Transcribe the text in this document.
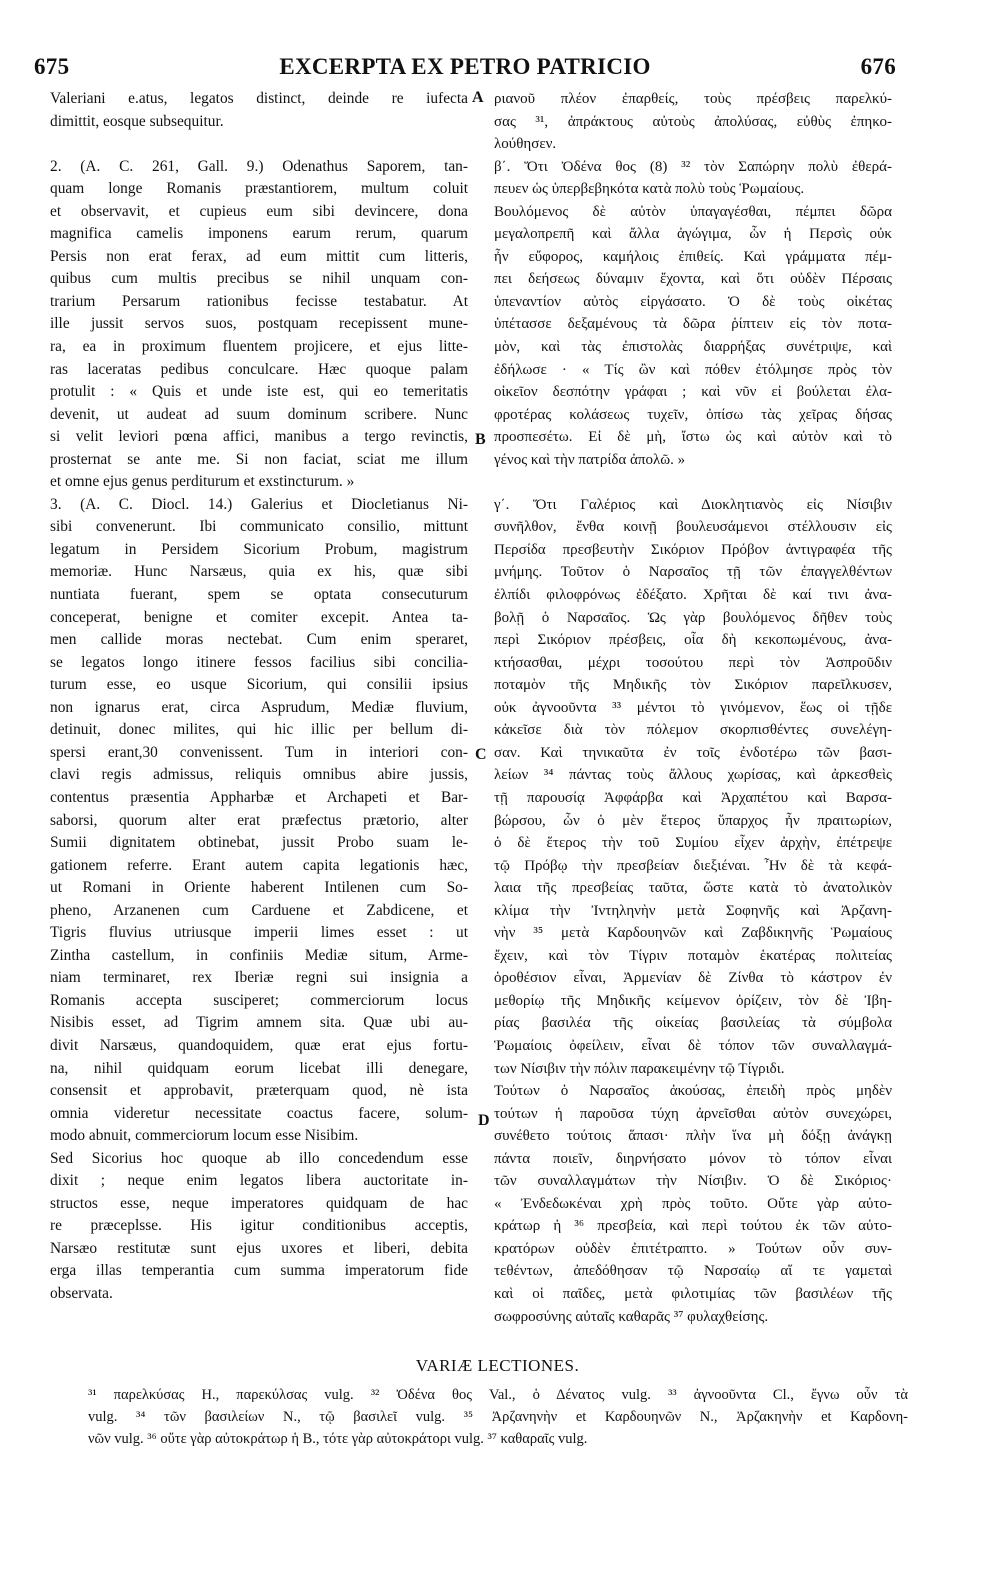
675	EXCERPTA EX PETRO PATRICIO	676
Valeriani e.atus, legatos distinct, deinde re iufecta
dimittit, eosque subsequitur.
2. (A. C. 261, Gall. 9.) Odenathus Saporem, tan-
quam longe Romanis præstantiorem, multum coluit
et observavit, et cupieus eum sibi devincere, dona
magnifica camelis imponens earum rerum, quarum
Persis non erat ferax, ad eum mittit cum litteris,
quibus cum multis precibus se nihil unquam con-
trarium Persarum rationibus fecisse testabatur. At
ille jussit servos suos, postquam recepissent mune-
ra, ea in proximum fluentem projicere, et ejus litte-
ras laceratas pedibus conculcare. Hæc quoque palam
protulit : « Quis et unde iste est, qui eo temeritatis
devenit, ut audeat ad suum dominum scribere. Nunc
si velit leviori pœna affici, manibus a tergo revinctis,
prosternat se ante me. Si non faciat, sciat me illum
et omne ejus genus perditurum et exstincturum. »
3. (A. C. Diocl. 14.) Galerius et Diocletianus Ni-
sibi convenerunt. Ibi communicato consilio, mittunt
legatum in Persidem Sicorium Probum, magistrum
memoriæ. Hunc Narsæus, quia ex his, quæ sibi
nuntiata fuerant, spem se optata consecuturum
conceperat, benigne et comiter excepit. Antea ta-
men callide moras nectebat. Cum enim speraret,
se legatos longo itinere fessos facilius sibi concilia-
turum esse, eo usque Sicorium, qui consilii ipsius
non ignarus erat, circa Asprudum, Mediæ fluvium,
detinuit, donec milites, qui hic illic per bellum di-
spersi erant,30 convenissent. Tum in interiori con-
clavi regis admissus, reliquis omnibus abire jussis,
contentus præsentia Appharbæ et Archapeti et Bar-
saborsi, quorum alter erat præfectus prætorio, alter
Sumii dignitatem obtinebat, jussit Probo suam le-
gationem referre. Erant autem capita legationis hæc,
ut Romani in Oriente haberent Intilenen cum So-
pheno, Arzanenen cum Carduene et Zabdicene, et
Tigris fluvius utriusque imperii limes esset : ut
Zintha castellum, in confiniis Mediæ situm, Arme-
niam terminaret, rex Iberiæ regni sui insignia a
Romanis accepta susciperet; commerciorum locus
Nisibis esset, ad Tigrim amnem sita. Quæ ubi au-
divit Narsæus, quandoquidem, quæ erat ejus fortu-
na, nihil quidquam eorum licebat illi denegare,
consensit et approbavit, præterquam quod, nè ista
omnia videretur necessitate coactus facere, solum-
modo abnuit, commerciorum locum esse Nisibim.
Sed Sicorius hoc quoque ab illo concedendum esse
dixit ; neque enim legatos libera auctoritate in-
structos esse, neque imperatores quidquam de hac
re præceplsse. His igitur conditionibus acceptis,
Narsæo restitutæ sunt ejus uxores et liberi, debita
erga illas temperantia cum summa imperatorum fide
observata.
ριανοῦ πλέον ἐπαρθείς, τοὺς πρέσβεις παρελκύ-
σας ³¹, ἀπράκτους αὐτοὺς ἀπολύσας, εὐθὺς ἐπηκο-
λούθησεν.
β΄. Ὅτι Ὀδένα θος (8) ³² τὸν Σαπώρην πολὺ ἐθερά-
πευεν ὡς ὑπερβεβηκότα κατὰ πολὺ τοὺς Ῥωμαίους.
Βουλόμενος δὲ αὐτὸν ὑπαγαγέσθαι, πέμπει δῶρα
μεγαλοπρεπῆ καὶ ἄλλα ἀγώγιμα, ὧν ἡ Περσὶς οὐκ
ἦν εὔφορος, καμήλοις ἐπιθείς. Καὶ γράμματα πέμ-
πει δεήσεως δύναμιν ἔχοντα, καὶ ὅτι οὐδὲν Πέρσαις
ὑπεναντίον αὐτὸς εἰργάσατο. Ὁ δὲ τοὺς οἰκέτας
ὑπέτασσε δεξαμένους τὰ δῶρα ῥίπτειν εἰς τὸν ποτα-
μὸν, καὶ τὰς ἐπιστολὰς διαρρήξας συνέτριψε, καὶ
ἐδήλωσε · « Τίς ὢν καὶ πόθεν ἐτόλμησε πρὸς τὸν
οἰκεῖον δεσπότην γράφαι ; καὶ νῦν εἰ βούλεται ἐλα-
φροτέρας κολάσεως τυχεῖν, ὀπίσω τὰς χεῖρας δήσας
προσπεσέτω. Εἰ δὲ μὴ, ἴστω ὡς καὶ αὐτὸν καὶ τὸ
γένος καὶ τὴν πατρίδα ἀπολῶ. »
γ΄. Ὅτι Γαλέριος καὶ Διοκλητιανὸς εἰς Νίσιβιν
συνῆλθον, ἔνθα κοινῇ βουλευσάμενοι στέλλουσιν εἰς
Περσίδα πρεσβευτὴν Σικόριον Πρόβον ἀντιγραφέα τῆς
μνήμης. Τοῦτον ὁ Ναρσαῖος τῇ τῶν ἐπαγγελθέντων
ἐλπίδι φιλοφρόνως ἐδέξατο. Χρῆται δὲ καί τινι ἀνα-
βολῇ ὁ Ναρσαῖος. Ὡς γὰρ βουλόμενος δῆθεν τοὺς
περὶ Σικόριον πρέσβεις, οἷα δὴ κεκοπωμένους, ἀνα-
κτήσασθαι, μέχρι τοσούτου περὶ τὸν Ἀσπροῦδιν
ποταμὸν τῆς Μηδικῆς τὸν Σικόριον παρεῖλκυσεν,
οὐκ ἀγνοοῦντα ³³ μέντοι τὸ γινόμενον, ἕως οἱ τῇδε
κἀκεῖσε διὰ τὸν πόλεμον σκορπισθέντες συνελέγη-
σαν. Καὶ τηνικαῦτα ἐν τοῖς ἐνδοτέρω τῶν βασι-
λείων ³⁴ πάντας τοὺς ἄλλους χωρίσας, καὶ ἀρκεσθεὶς
τῇ παρουσίᾳ Ἀφφάρβα καὶ Ἀρχαπέτου καὶ Βαρσα-
βώρσου, ὧν ὁ μὲν ἕτερος ὕπαρχος ἦν πραιτωρίων,
ὁ δὲ ἕτερος τὴν τοῦ Συμίου εἶχεν ἀρχὴν, ἐπέτρεψε
τῷ Πρόβῳ τὴν πρεσβείαν διεξιέναι. Ἦν δὲ τὰ κεφά-
λαια τῆς πρεσβείας ταῦτα, ὥστε κατὰ τὸ ἀνατολικὸν
κλίμα τὴν Ἰντηληνὴν μετὰ Σοφηνῆς καὶ Ἀρζανη-
νὴν ³⁵ μετὰ Καρδουηνῶν καὶ Ζαβδικηνῆς Ῥωμαίους
ἔχειν, καὶ τὸν Τίγριν ποταμὸν ἑκατέρας πολιτείας
ὁροθέσιον εἶναι, Ἀρμενίαν δὲ Ζίνθα τὸ κάστρον ἐν
μεθορίῳ τῆς Μηδικῆς κείμενον ὁρίζειν, τὸν δὲ Ἰβη-
ρίας βασιλέα τῆς οἰκείας βασιλείας τὰ σύμβολα
Ῥωμαίοις ὀφείλειν, εἶναι δὲ τόπον τῶν συναλλαγμά-
των Νίσιβιν τὴν πόλιν παρακειμένην τῷ Τίγριδι.
Τούτων ὁ Ναρσαῖος ἀκούσας, ἐπειδὴ πρὸς μηδὲν
τούτων ἡ παροῦσα τύχη ἀρνεῖσθαι αὐτὸν συνεχώρει,
συνέθετο τούτοις ἅπασι· πλὴν ἵνα μὴ δόξῃ ἀνάγκῃ
πάντα ποιεῖν, διηρνήσατο μόνον τὸ τόπον εἶναι
τῶν συναλλαγμάτων τὴν Νίσιβιν. Ὁ δὲ Σικόριος·
« Ἐνδεδωκέναι χρὴ πρὸς τοῦτο. Οὔτε γὰρ αὐτο-
κράτωρ ἡ ³⁶ πρεσβεία, καὶ περὶ τούτου ἐκ τῶν αὐτο-
κρατόρων οὐδὲν ἐπιτέτραπτο. » Τούτων οὖν συν-
τεθέντων, ἀπεδόθησαν τῷ Ναρσαίῳ αἵ τε γαμεταὶ
καὶ οἱ παῖδες, μετὰ φιλοτιμίας τῶν βασιλέων τῆς
σωφροσύνης αὐταῖς καθαρᾶς ³⁷ φυλαχθείσης.
A
B
C
D
VARIÆ LECTIONES.
³¹ παρελκύσας H., παρεκύλσας vulg. ³² Ὀδένα θος Val., ὁ Δένατος vulg. ³³ ἀγνοοῦντα Cl., ἔγνω οὖν τὰ
vulg. ³⁴ τῶν βασιλείων N., τῷ βασιλεῖ vulg. ³⁵ Ἀρζανηνὴν et Καρδουηνῶν N., Ἀρζακηνὴν et Καρδονη-
νῶν vulg. ³⁶ οὔτε γὰρ αὐτοκράτωρ ἡ B., τότε γὰρ αὐτοκράτορι vulg. ³⁷ καθαραῖς vulg.
